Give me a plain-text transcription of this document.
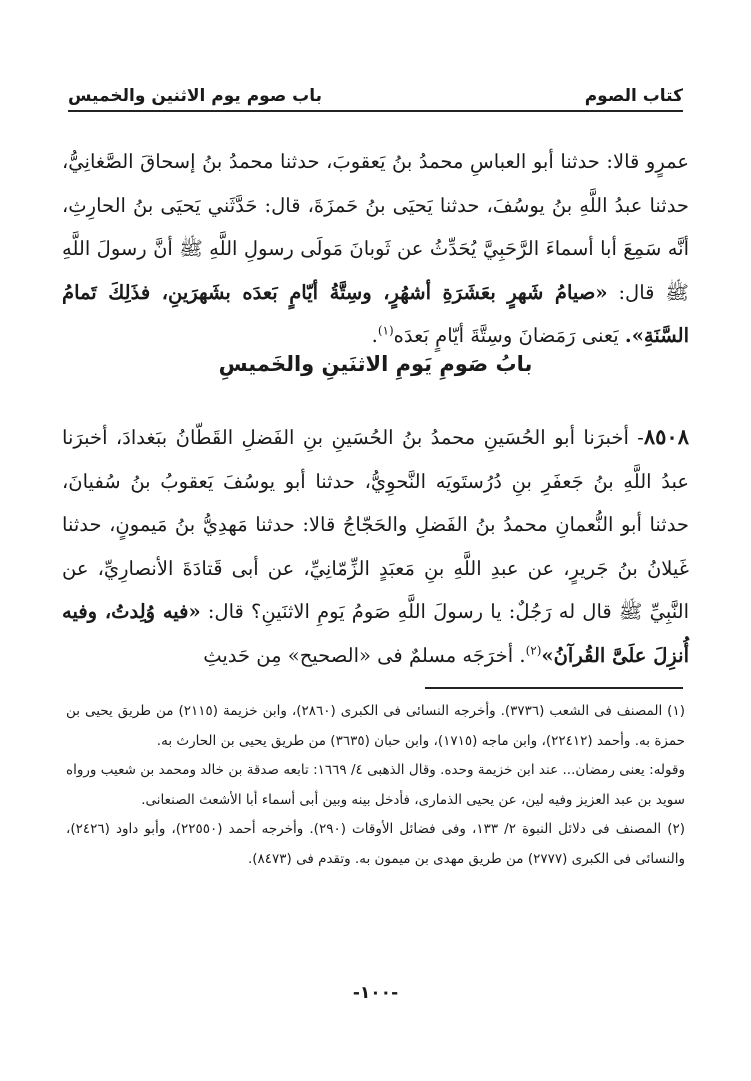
كتاب الصوم
باب صوم يوم الاثنين والخميس

عمرٍو قالا: حدثنا أبو العباسِ محمدُ بنُ يَعقوبَ، حدثنا محمدُ بنُ إسحاقَ الصَّغانِيُّ، حدثنا عبدُ اللَّهِ بنُ يوسُفَ، حدثنا يَحيَى بنُ حَمزَةَ، قال: حَدَّثَني يَحيَى بنُ الحارِثِ، أنَّه سَمِعَ أبا أسماءَ الرَّحَبِيَّ يُحَدِّثُ عن ثَوبانَ مَولَى رسولِ اللَّهِ ﷺ أنَّ رسولَ اللَّهِ ﷺ قال: «صيامُ شَهرٍ بعَشَرَةِ أشهُرٍ، وسِتَّةُ أيّامٍ بَعدَه بشَهرَينِ، فذَلِكَ تَمامُ السَّنَةِ». يَعنى رَمَضانَ وسِتَّةَ أيّامٍ بَعدَه$^{(١)}$.

بابُ صَومِ يَومِ الاثنَينِ والخَميسِ

٨٥٠٨- أخبرَنا أبو الحُسَينِ محمدُ بنُ الحُسَينِ بنِ الفَضلِ القَطّانُ ببَغدادَ، أخبرَنا عبدُ اللَّهِ بنُ جَعفَرِ بنِ دُرُستَويَه النَّحوِيُّ، حدثنا أبو يوسُفَ يَعقوبُ بنُ سُفيانَ، حدثنا أبو النُّعمانِ محمدُ بنُ الفَضلِ والحَجّاجُ قالا: حدثنا مَهدِيُّ بنُ مَيمونٍ، حدثنا غَيلانُ بنُ جَريرٍ، عن عبدِ اللَّهِ بنِ مَعبَدٍ الزِّمّانِيِّ، عن أبى قَتادَةَ الأنصارِيِّ، عن النَّبِيِّ ﷺ قال له رَجُلٌ: يا رسولَ اللَّهِ صَومُ يَومِ الاثنَينِ؟ قال: «فيه وُلِدتُ، وفيه أُنزِلَ علَىَّ القُرآنُ»$^{(٢)}$. أخرَجَه مسلمٌ فى «الصحيح» مِن حَديثِ

(١) المصنف فى الشعب (٣٧٣٦). وأخرجه النسائى فى الكبرى (٢٨٦٠)، وابن خزيمة (٢١١٥) من طريق يحيى بن حمزة به. وأحمد (٢٢٤١٢)، وابن ماجه (١٧١٥)، وابن حبان (٣٦٣٥) من طريق يحيى بن الحارث به.

وقوله: يعنى رمضان... عند ابن خزيمة وحده. وقال الذهبى ٤/ ١٦٦٩: تابعه صدقة بن خالد ومحمد بن شعيب ورواه سويد بن عبد العزيز وفيه لين، عن يحيى الذمارى، فأدخل بينه وبين أبى أسماء أبا الأشعث الصنعانى.

(٢) المصنف فى دلائل النبوة ٢/ ١٣٣، وفى فضائل الأوقات (٢٩٠). وأخرجه أحمد (٢٢٥٥٠)، وأبو داود (٢٤٢٦)، والنسائى فى الكبرى (٢٧٧٧) من طريق مهدى بن ميمون به. وتقدم فى (٨٤٧٣).

-١٠٠-
